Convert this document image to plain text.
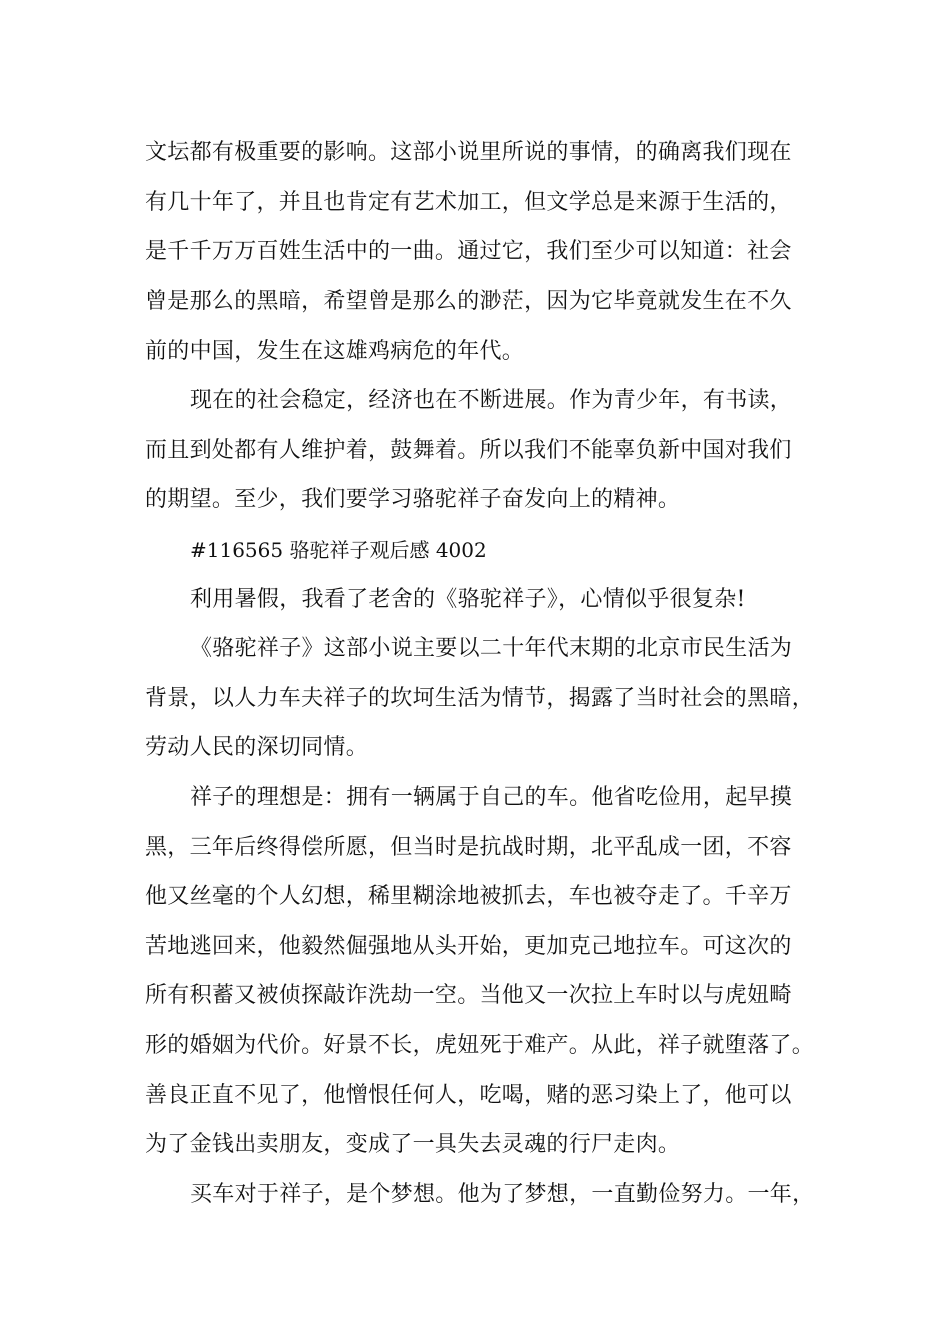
文坛都有极重要的影响。这部小说里所说的事情，的确离我们现在
有几十年了，并且也肯定有艺术加工，但文学总是来源于生活的，
是千千万万百姓生活中的一曲。通过它，我们至少可以知道：社会
曾是那么的黑暗，希望曾是那么的渺茫，因为它毕竟就发生在不久
前的中国，发生在这雄鸡病危的年代。
现在的社会稳定，经济也在不断进展。作为青少年，有书读，
而且到处都有人维护着，鼓舞着。所以我们不能辜负新中国对我们
的期望。至少，我们要学习骆驼祥子奋发向上的精神。
#116565 骆驼祥子观后感 4002
利用暑假，我看了老舍的《骆驼祥子》，心情似乎很复杂!
《骆驼祥子》这部小说主要以二十年代末期的北京市民生活为
背景，以人力车夫祥子的坎坷生活为情节，揭露了当时社会的黑暗，
劳动人民的深切同情。
祥子的理想是：拥有一辆属于自己的车。他省吃俭用，起早摸
黑，三年后终得偿所愿，但当时是抗战时期，北平乱成一团，不容
他又丝毫的个人幻想，稀里糊涂地被抓去，车也被夺走了。千辛万
苦地逃回来，他毅然倔强地从头开始，更加克己地拉车。可这次的
所有积蓄又被侦探敲诈洗劫一空。当他又一次拉上车时以与虎妞畸
形的婚姻为代价。好景不长，虎妞死于难产。从此，祥子就堕落了。
善良正直不见了，他憎恨任何人，吃喝，赌的恶习染上了，他可以
为了金钱出卖朋友，变成了一具失去灵魂的行尸走肉。
买车对于祥子，是个梦想。他为了梦想，一直勤俭努力。一年，
